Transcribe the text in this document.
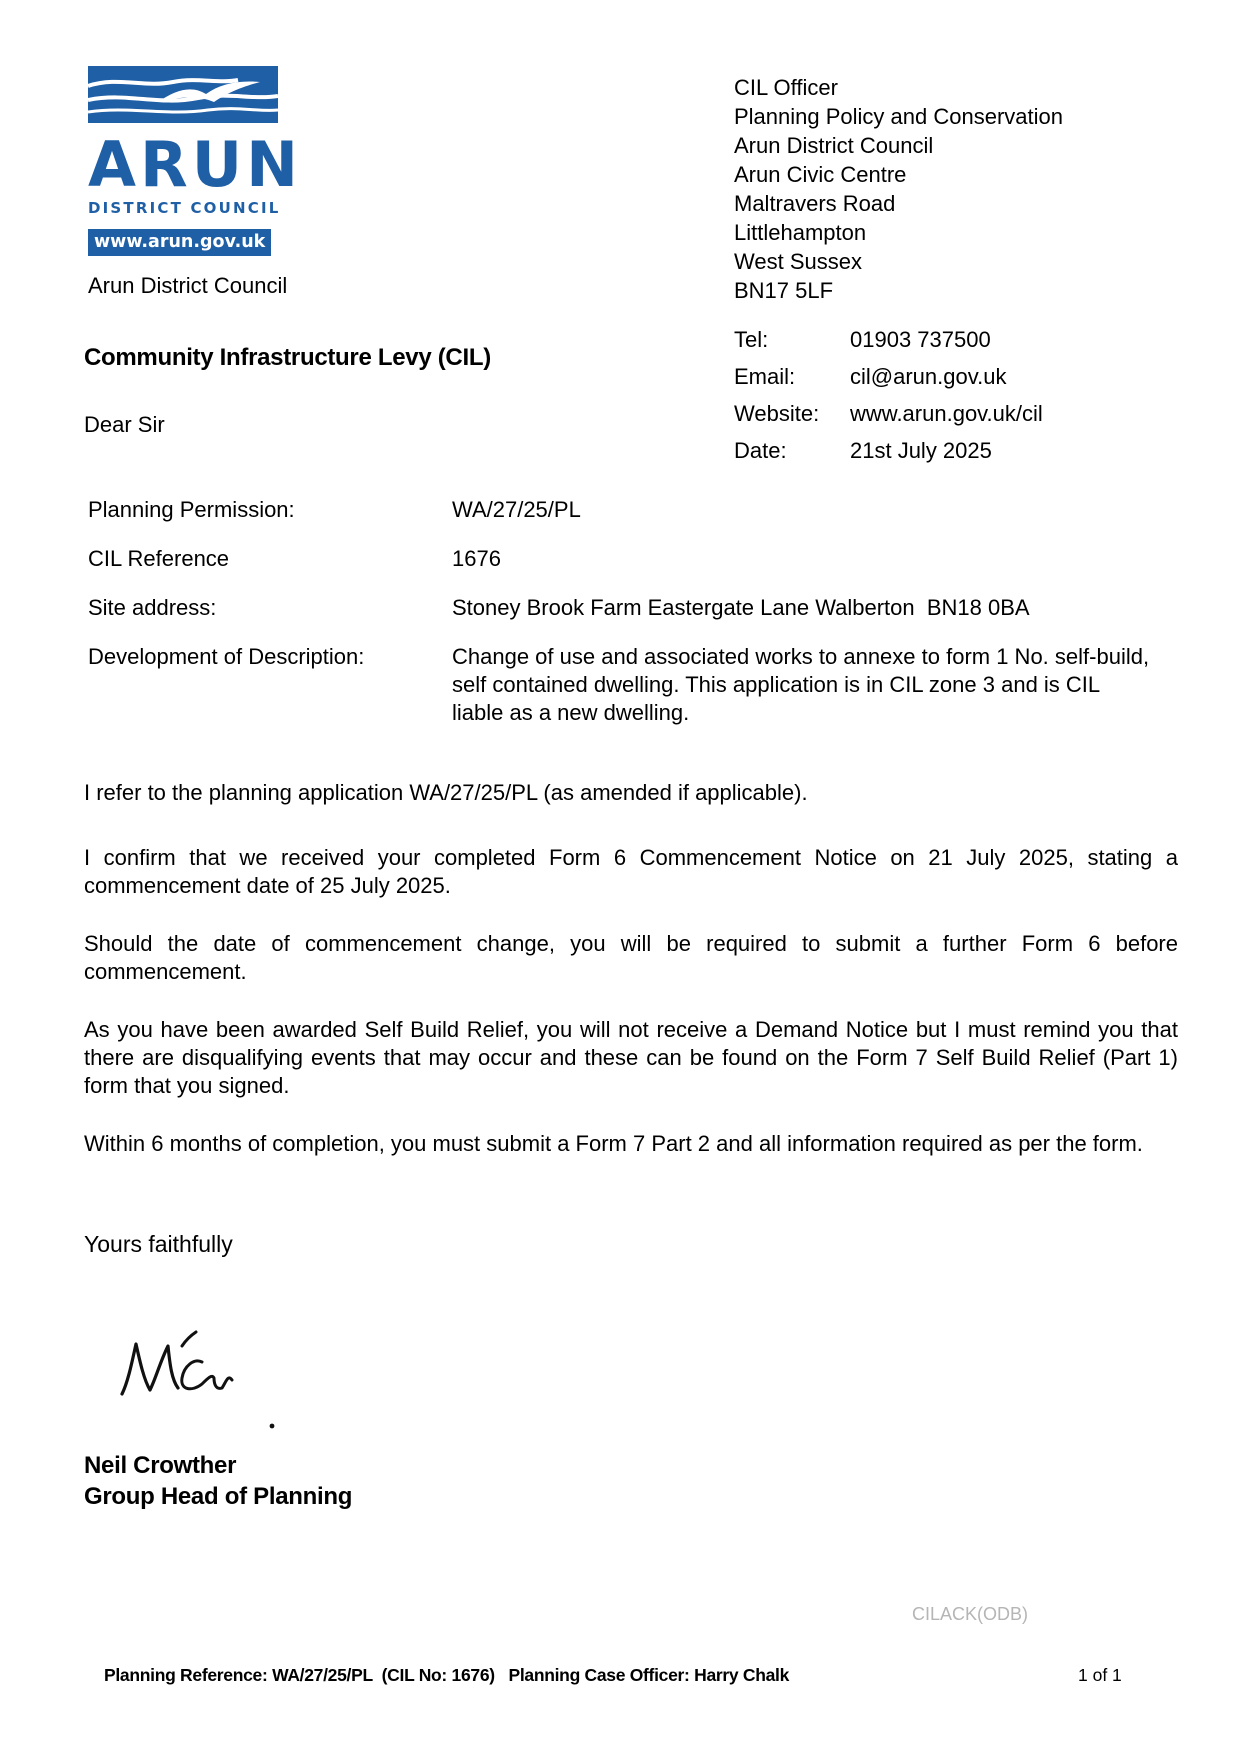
ARUN
DISTRICT COUNCIL
www.arun.gov.uk
Arun District Council
CIL Officer
Planning Policy and Conservation
Arun District Council
Arun Civic Centre
Maltravers Road
Littlehampton
West Sussex
BN17 5LF
Tel:	01903 737500
Email:	cil@arun.gov.uk
Website:	www.arun.gov.uk/cil
Date:	21st July 2025
Community Infrastructure Levy (CIL)
Dear Sir
Planning Permission:	WA/27/25/PL
CIL Reference	1676
Site address:	Stoney Brook Farm Eastergate Lane Walberton  BN18 0BA
Development of Description:	Change of use and associated works to annexe to form 1 No. self-build, self contained dwelling. This application is in CIL zone 3 and is CIL liable as a new dwelling.
I refer to the planning application WA/27/25/PL (as amended if applicable).
I confirm that we received your completed Form 6 Commencement Notice on 21 July 2025, stating a commencement date of 25 July 2025.
Should the date of commencement change, you will be required to submit a further Form 6 before commencement.
As you have been awarded Self Build Relief, you will not receive a Demand Notice but I must remind you that there are disqualifying events that may occur and these can be found on the Form 7 Self Build Relief (Part 1) form that you signed.
Within 6 months of completion, you must submit a Form 7 Part 2 and all information required as per the form.
Yours faithfully
Neil Crowther
Group Head of Planning
CILACK(ODB)
Planning Reference: WA/27/25/PL  (CIL No: 1676)   Planning Case Officer: Harry Chalk	1 of 1
